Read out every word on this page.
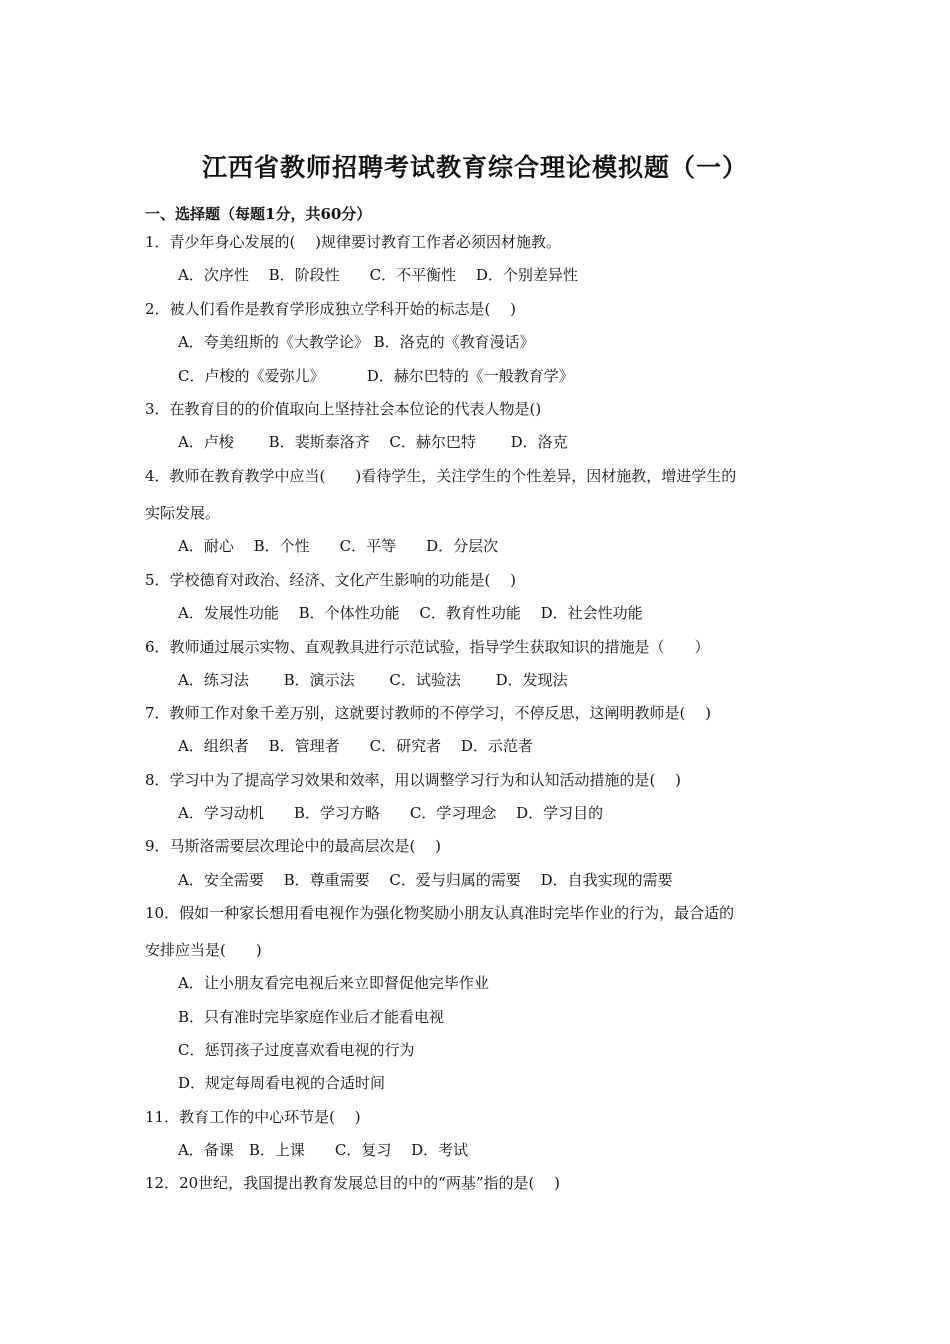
江西省教师招聘考试教育综合理论模拟题（一）
一、选择题（每题1分，共60分）
1．青少年身心发展的(　 )规律要讨教育工作者必须因材施教。
A．次序性　 B．阶段性　　C．不平衡性　 D．个别差异性
2．被人们看作是教育学形成独立学科开始的标志是(　 )
A．夸美纽斯的《大教学论》 B．洛克的《教育漫话》
C．卢梭的《爱弥儿》　　　 D．赫尔巴特的《一般教育学》
3．在教育目的的价值取向上坚持社会本位论的代表人物是()
A．卢梭　　 B．裴斯泰洛齐　 C．赫尔巴特　　 D．洛克
4．教师在教育教学中应当(　　)看待学生，关注学生的个性差异，因材施教，增进学生的
实际发展。
A．耐心　 B．个性　　C．平等　　D．分层次
5．学校德育对政治、经济、文化产生影响的功能是(　 )
A．发展性功能　 B．个体性功能　 C．教育性功能　 D．社会性功能
6．教师通过展示实物、直观教具进行示范试验，指导学生获取知识的措施是（　　）
A．练习法　　 B．演示法　　 C．试验法　　 D．发现法
7．教师工作对象千差万别，这就要讨教师的不停学习，不停反思，这阐明教师是(　 )
A．组织者　 B．管理者　　C．研究者　 D．示范者
8．学习中为了提高学习效果和效率，用以调整学习行为和认知活动措施的是(　 )
A．学习动机　　B．学习方略　　C．学习理念　 D．学习目的
9．马斯洛需要层次理论中的最高层次是(　 )
A．安全需要　 B．尊重需要　 C．爱与归属的需要　 D．自我实现的需要
10．假如一种家长想用看电视作为强化物奖励小朋友认真准时完毕作业的行为，最合适的
安排应当是(　　)
A．让小朋友看完电视后来立即督促他完毕作业
B．只有准时完毕家庭作业后才能看电视
C．惩罚孩子过度喜欢看电视的行为
D．规定每周看电视的合适时间
11．教育工作的中心环节是(　 )
A．备课　B．上课　　C．复习　 D．考试
12．20世纪，我国提出教育发展总目的中的“两基”指的是(　 )
